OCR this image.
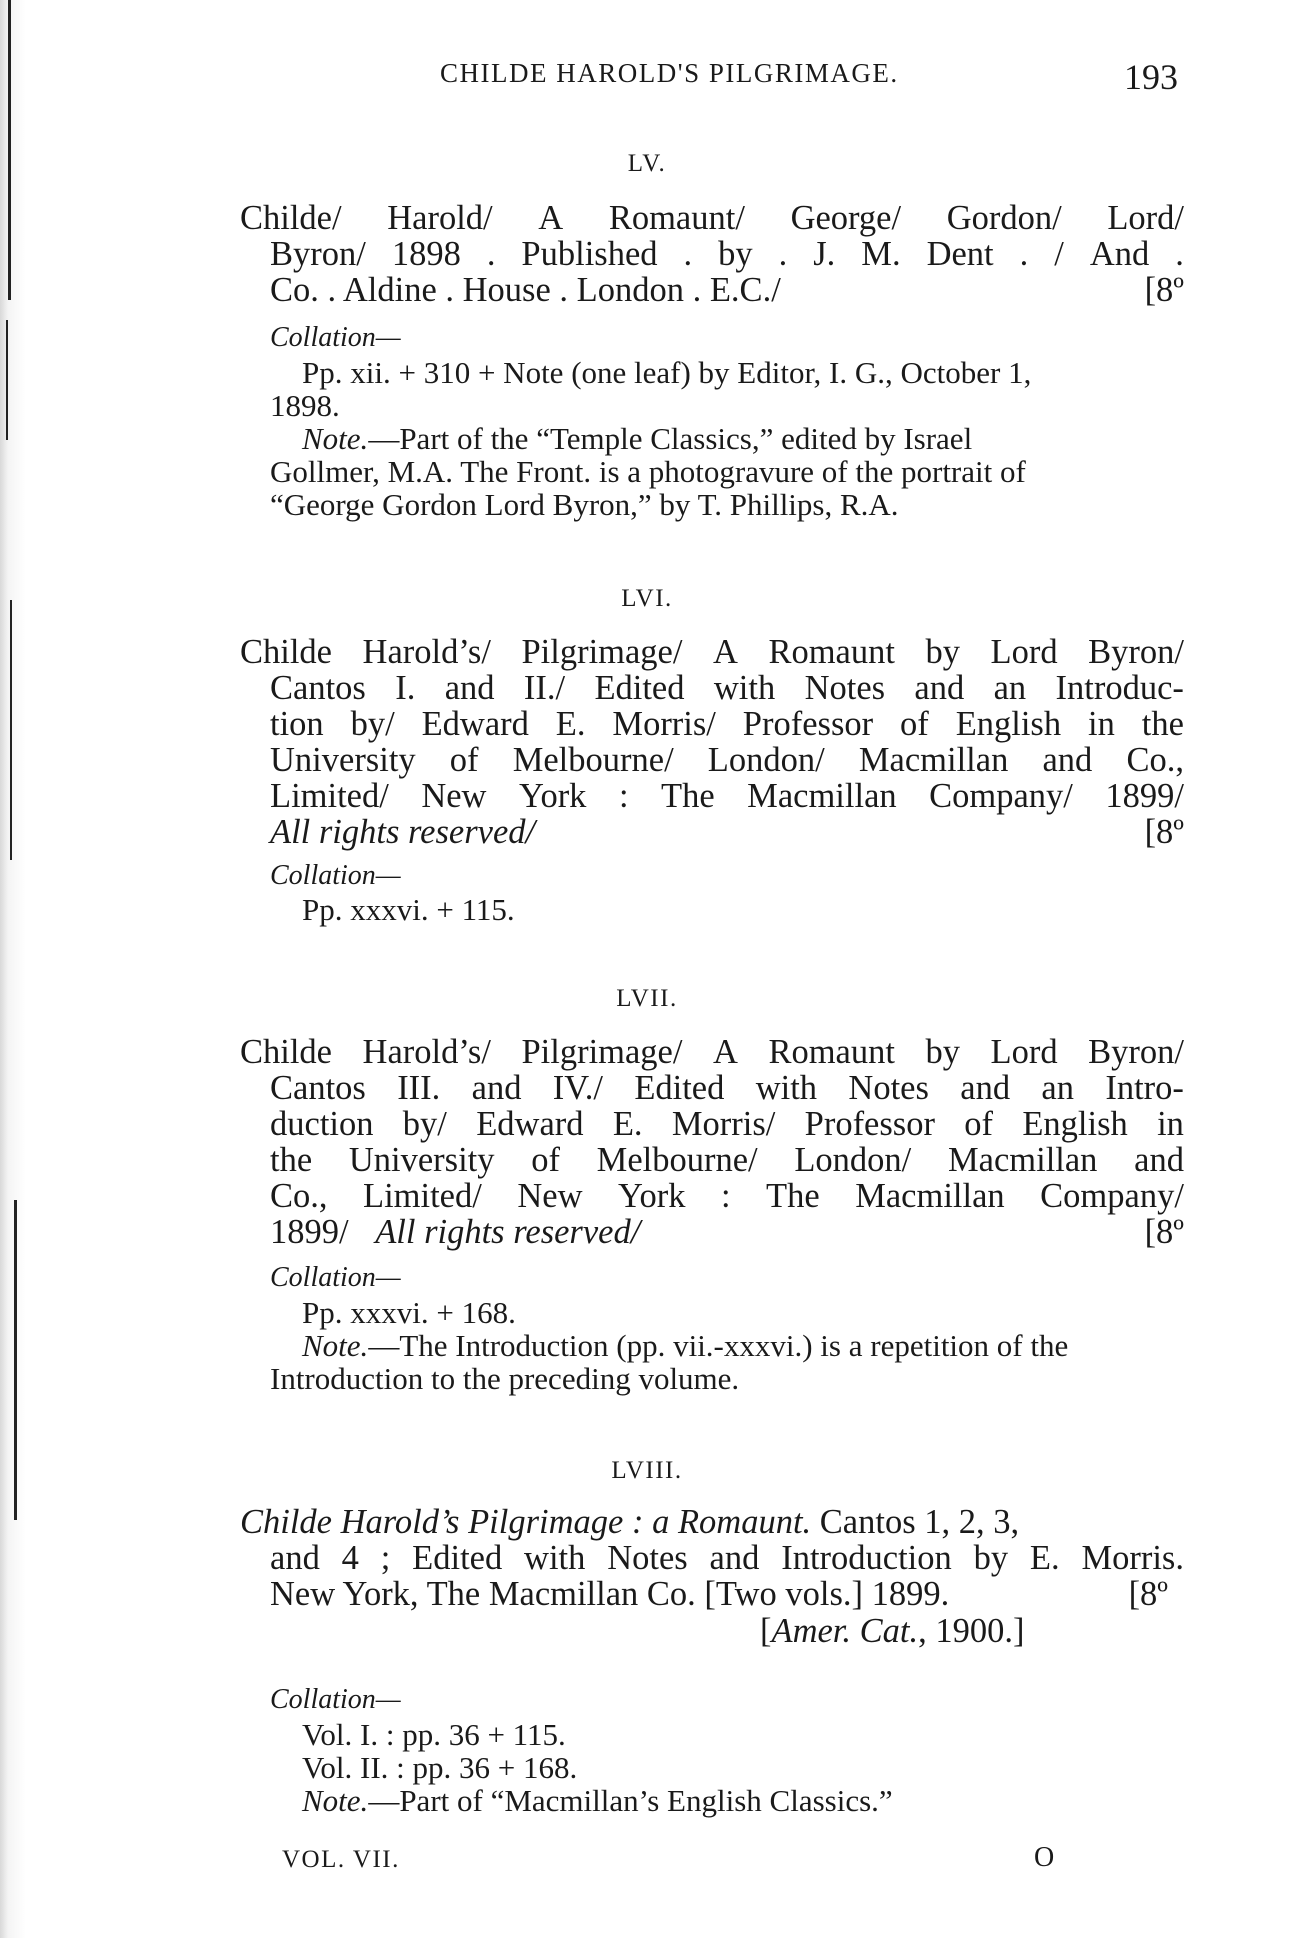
CHILDE HAROLD'S PILGRIMAGE.	193
LV.
Childe/ Harold/ A Romaunt/ George/ Gordon/ Lord/
Byron/ 1898 . Published . by . J. M. Dent . / And .
Co. . Aldine . House . London . E.C./	[8º
Collation—
Pp. xii. + 310 + Note (one leaf) by Editor, I. G., October 1,
1898.
Note.—Part of the “Temple Classics,” edited by Israel
Gollmer, M.A. The Front. is a photogravure of the portrait of
“George Gordon Lord Byron,” by T. Phillips, R.A.
LVI.
Childe Harold’s/ Pilgrimage/ A Romaunt by Lord Byron/
Cantos I. and II./ Edited with Notes and an Introduc-
tion by/ Edward E. Morris/ Professor of English in the
University of Melbourne/ London/ Macmillan and Co.,
Limited/ New York : The Macmillan Company/ 1899/
All rights reserved/	[8º
Collation—
Pp. xxxvi. + 115.
LVII.
Childe Harold’s/ Pilgrimage/ A Romaunt by Lord Byron/
Cantos III. and IV./ Edited with Notes and an Intro-
duction by/ Edward E. Morris/ Professor of English in
the University of Melbourne/ London/ Macmillan and
Co., Limited/ New York : The Macmillan Company/
1899/ All rights reserved/	[8º
Collation—
Pp. xxxvi. + 168.
Note.—The Introduction (pp. vii.-xxxvi.) is a repetition of the
Introduction to the preceding volume.
LVIII.
Childe Harold’s Pilgrimage : a Romaunt. Cantos 1, 2, 3,
and 4 ; Edited with Notes and Introduction by E. Morris.
New York, The Macmillan Co. [Two vols.] 1899.	[8º
[Amer. Cat., 1900.]
Collation—
Vol. I. : pp. 36 + 115.
Vol. II. : pp. 36 + 168.
Note.—Part of “Macmillan’s English Classics.”
VOL. VII.	O
